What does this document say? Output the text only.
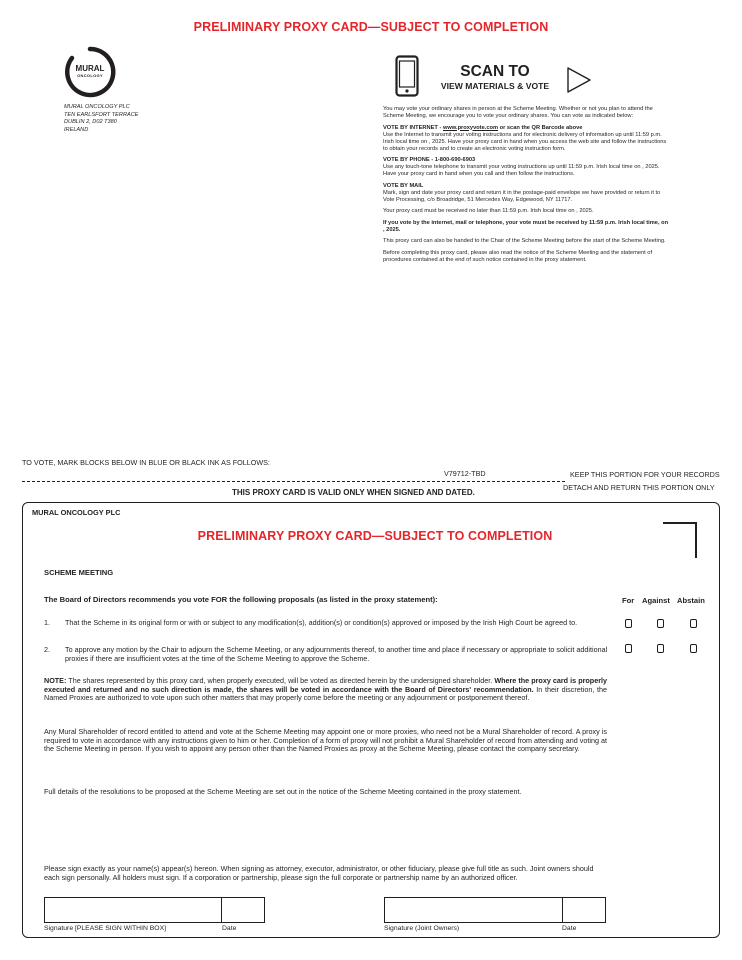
PRELIMINARY PROXY CARD—SUBJECT TO COMPLETION
MURAL
ONCOLOGY
MURAL ONCOLOGY PLC
TEN EARLSFORT TERRACE
DUBLIN 2, D02 T380
IRELAND
SCAN TO
VIEW MATERIALS & VOTE

You may vote your ordinary shares in person at the Scheme Meeting. Whether or not you plan to attend the Scheme Meeting, we encourage you to vote your ordinary shares. You can vote as indicated below:

VOTE BY INTERNET - www.proxyvote.com or scan the QR Barcode above

Use the Internet to transmit your voting instructions and for electronic delivery of information up until 11:59 p.m. Irish local time on , 2025. Have your proxy card in hand when you access the web site and follow the instructions to obtain your records and to create an electronic voting instruction form.

VOTE BY PHONE - 1-800-690-6903

Use any touch-tone telephone to transmit your voting instructions up until 11:59 p.m. Irish local time on , 2025. Have your proxy card in hand when you call and then follow the instructions.

VOTE BY MAIL

Mark, sign and date your proxy card and return it in the postage-paid envelope we have provided or return it to Vote Processing, c/o Broadridge, 51 Mercedes Way, Edgewood, NY 11717.

Your proxy card must be received no later than 11:59 p.m. Irish local time on , 2025.

If you vote by the internet, mail or telephone, your vote must be received by 11:59 p.m. Irish local time, on , 2025.

This proxy card can also be handed to the Chair of the Scheme Meeting before the start of the Scheme Meeting.

Before completing this proxy card, please also read the notice of the Scheme Meeting and the statement of procedures contained at the end of such notice contained in the proxy statement.

TO VOTE, MARK BLOCKS BELOW IN BLUE OR BLACK INK AS FOLLOWS:
V79712-TBD	KEEP THIS PORTION FOR YOUR RECORDS
DETACH AND RETURN THIS PORTION ONLY
THIS PROXY CARD IS VALID ONLY WHEN SIGNED AND DATED.
MURAL ONCOLOGY PLC
PRELIMINARY PROXY CARD—SUBJECT TO COMPLETION
SCHEME MEETING
The Board of Directors recommends you vote FOR the following proposals (as listed in the proxy statement):	For Against Abstain
1. That the Scheme in its original form or with or subject to any modification(s), addition(s) or condition(s) approved or imposed by the Irish High Court be agreed to.
2. To approve any motion by the Chair to adjourn the Scheme Meeting, or any adjournments thereof, to another time and place if necessary or appropriate to solicit additional proxies if there are insufficient votes at the time of the Scheme Meeting to approve the Scheme.
NOTE: The shares represented by this proxy card, when properly executed, will be voted as directed herein by the undersigned shareholder. Where the proxy card is properly executed and returned and no such direction is made, the shares will be voted in accordance with the Board of Directors' recommendation. In their discretion, the Named Proxies are authorized to vote upon such other matters that may properly come before the meeting or any adjournment or postponement thereof.
Any Mural Shareholder of record entitled to attend and vote at the Scheme Meeting may appoint one or more proxies, who need not be a Mural Shareholder of record. A proxy is required to vote in accordance with any instructions given to him or her. Completion of a form of proxy will not prohibit a Mural Shareholder of record from attending and voting at the Scheme Meeting in person. If you wish to appoint any person other than the Named Proxies as proxy at the Scheme Meeting, please contact the company secretary.
Full details of the resolutions to be proposed at the Scheme Meeting are set out in the notice of the Scheme Meeting contained in the proxy statement.
Please sign exactly as your name(s) appear(s) hereon. When signing as attorney, executor, administrator, or other fiduciary, please give full title as such. Joint owners should each sign personally. All holders must sign. If a corporation or partnership, please sign the full corporate or partnership name by an authorized officer.
Signature [PLEASE SIGN WITHIN BOX]	Date	Signature (Joint Owners)	Date
